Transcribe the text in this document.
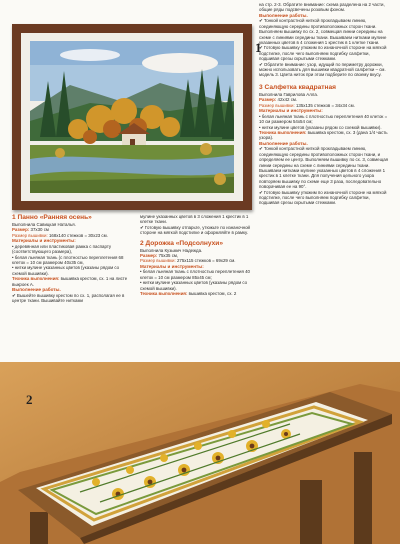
1

на стр. 2-3. Обратите внимание: схема разделена на 2 части, общие ряды подсвечены розовым фоном.

Выполнение работы.

✔ Тонкой контрастной ниткой прокладываем линию, соединяющую середины противоположных сторон ткани. Выполняем вышивку по сх. 2, совмещая линии середины на схеме с линиями середины ткани. Вышиваем нитками мулине указанных цветов в 4 сложения 1 крестик в 1 клетке ткани.

✔ Готовую вышивку утюжим по изнаночной стороне на мягкой подстилке, после чего выполняем подгибку салфетки, подшивая срезы скрытыми стежками.

✔ Обратите внимание: узор, идущий по периметру дорожки, можно использовать для вышивки квадратной салфетки – см. модель 3. Цвета ниток при этом подберите по своему вкусу.

3 Салфетка квадратная

Выполнила Гаврилова Алла.

Размер: 42x42 см.

Размер вышивки: 135x135 стежков = 34x34 см.

Материалы и инструменты:

• белая льняная ткань с плотностью переплетения 40 клеток = 10 см размером 54x54 см;

• нитки мулине цветов (указаны рядом со схемой вышивки).

Техника выполнения: вышивка крестом, сх. 3 (дана 1/4 часть узора).

Выполнение работы.

✔ Тонкой контрастной ниткой прокладываем линию, соединяющую середины противоположных сторон ткани, и определяем ее центр. Выполняем вышивку по сх. 3, совмещая линии середины на схеме с линиями середины ткани. Вышиваем нитками мулине указанных цветов в 4 сложения 1 крестик в 1 клетке ткани. Для получения цельного узора повторяем вышивку по схеме еще 3 раза, последовательно поворачивая ее на 90°.

✔ Готовую вышивку утюжим по изнаночной стороне на мягкой подстилке, после чего выполняем подгибку салфетки, подшивая срезы скрытыми стежками.

1 Панно «Ранняя осень»

Выполнила Савицкая Наталья.

Размер: 37x30 см

Размер вышивки: 168x140 стежков = 30x23 см.

Материалы и инструменты:

• деревянная или пластиковая рамка с паспарту (соответствующего размера),

• белая льняная ткань (с плотностью переплетения 68 клеток = 10 см размером 40x35 см,

• нитки мулине указанных цветов (указаны рядом со схемой вышивки).

Техника выполнения: вышивка крестом, сх. 1 на листе выкроек А.

Выполнение работы.

✔ Вышейте вышивку крестом по сх. 1, располагая ее в центре ткани. Вышивайте нитками

мулине указанных цветов в 3 сложения 1 крестик в 1 клетке ткани.

✔ Готовую вышивку отпарьте, утюжьте по изнаночной стороне на мягкой подстилке и оформляйте в рамку.

2 Дорожка «Подсолнухи»

Выполнила Кузьмич Надежда.

Размер: 75x35 см,

Размер вышивки: 275x115 стежков = 69x29 см.

Материалы и инструменты:

• белая льняная ткань с плотностью переплетения 40 клеток = 10 см размером 85x45 см;

• нитки мулине указанных цветов (указаны рядом со схемой вышивки).

Техника выполнения: вышивка крестом, сх. 2

2
